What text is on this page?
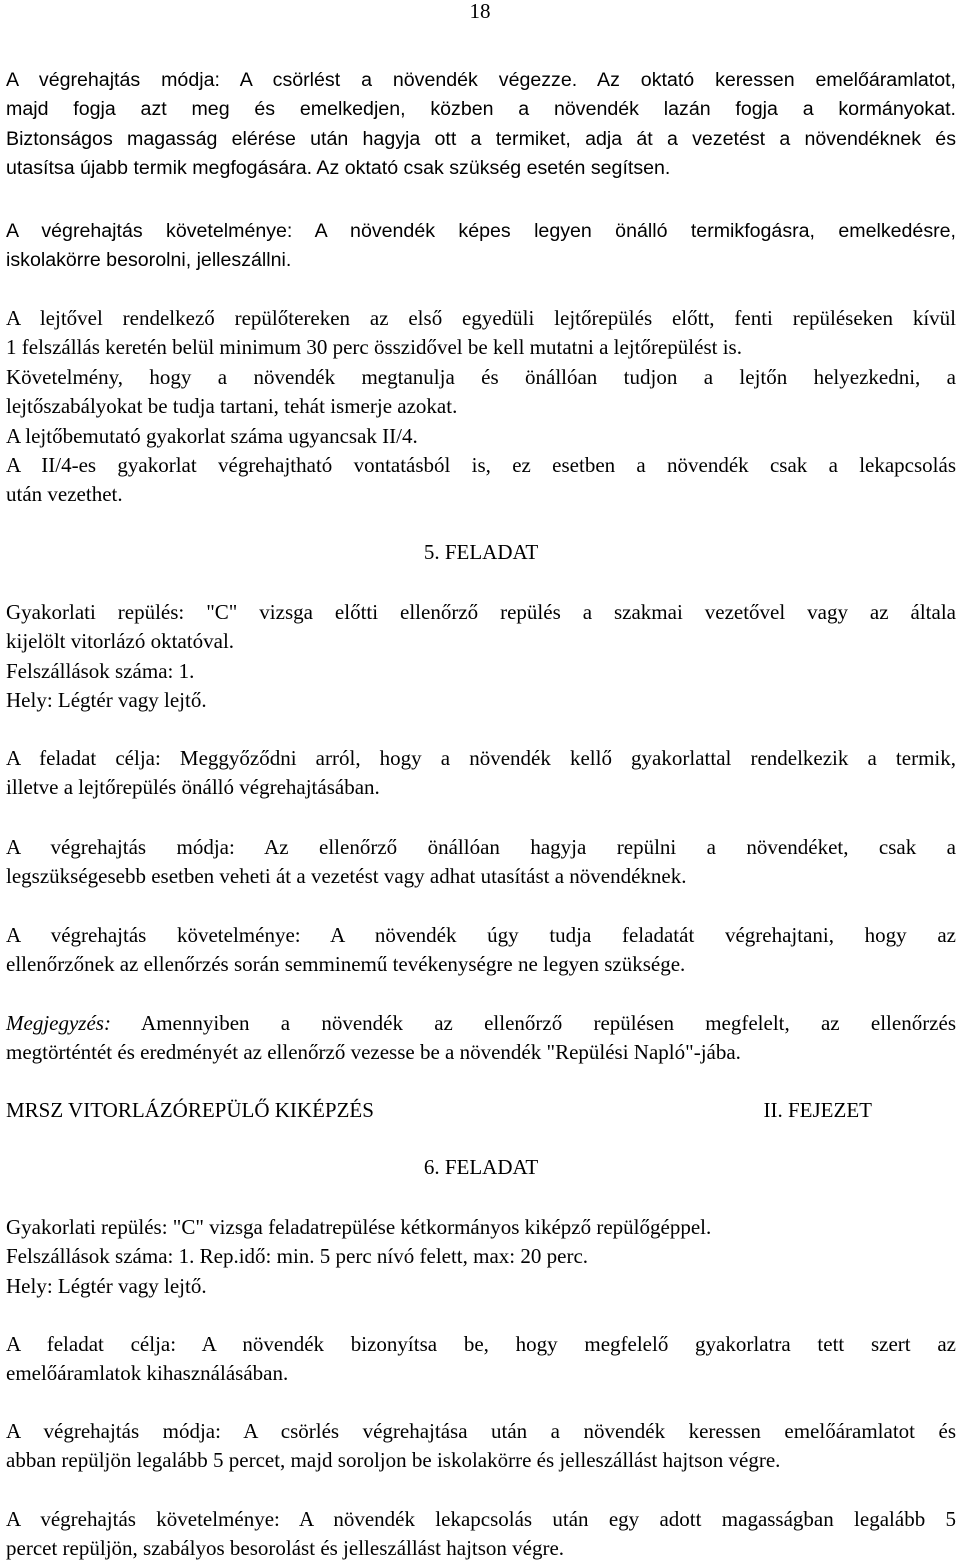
18

A végrehajtás módja: A csörlést a növendék végezze. Az oktató keressen emelőáramlatot,

majd fogja azt meg és emelkedjen, közben a növendék lazán fogja a kormányokat.

Biztonságos magasság elérése után hagyja ott a termiket, adja át a vezetést a növendéknek és

utasítsa újabb termik megfogására. Az oktató csak szükség esetén segítsen.

A végrehajtás követelménye: A növendék képes legyen önálló termikfogásra, emelkedésre,

iskolakörre besorolni, jelleszállni.

A lejtővel rendelkező repülőtereken az első egyedüli lejtőrepülés előtt, fenti repüléseken kívül

1 felszállás keretén belül minimum 30 perc összidővel be kell mutatni a lejtőrepülést is.

Követelmény, hogy a növendék megtanulja és önállóan tudjon a lejtőn helyezkedni, a

lejtőszabályokat be tudja tartani, tehát ismerje azokat.

A lejtőbemutató gyakorlat száma ugyancsak II/4.

A II/4-es gyakorlat végrehajtható vontatásból is, ez esetben a növendék csak a lekapcsolás

után vezethet.

5. FELADAT

Gyakorlati repülés: "C" vizsga előtti ellenőrző repülés a szakmai vezetővel vagy az általa

kijelölt vitorlázó oktatóval.

Felszállások száma: 1.

Hely: Légtér vagy lejtő.

A feladat célja: Meggyőződni arról, hogy a növendék kellő gyakorlattal rendelkezik a termik,

illetve a lejtőrepülés önálló végrehajtásában.

A végrehajtás módja: Az ellenőrző önállóan hagyja repülni a növendéket, csak a

legszükségesebb esetben veheti át a vezetést vagy adhat utasítást a növendéknek.

A végrehajtás követelménye: A növendék úgy tudja feladatát végrehajtani, hogy az

ellenőrzőnek az ellenőrzés során semminemű tevékenységre ne legyen szüksége.

Megjegyzés: Amennyiben a növendék az ellenőrző repülésen megfelelt, az ellenőrzés

megtörténtét és eredményét az ellenőrző vezesse be a növendék "Repülési Napló"-jába.

MRSZ VITORLÁZÓREPÜLŐ KIKÉPZÉS	II. FEJEZET

6. FELADAT

Gyakorlati repülés: "C" vizsga feladatrepülése kétkormányos kiképző repülőgéppel.

Felszállások száma: 1. Rep.idő: min. 5 perc nívó felett, max: 20 perc.

Hely: Légtér vagy lejtő.

A feladat célja: A növendék bizonyítsa be, hogy megfelelő gyakorlatra tett szert az

emelőáramlatok kihasználásában.

A végrehajtás módja: A csörlés végrehajtása után a növendék keressen emelőáramlatot és

abban repüljön legalább 5 percet, majd soroljon be iskolakörre és jelleszállást hajtson végre.

A végrehajtás követelménye: A növendék lekapcsolás után egy adott magasságban legalább 5

percet repüljön, szabályos besorolást és jelleszállást hajtson végre.
